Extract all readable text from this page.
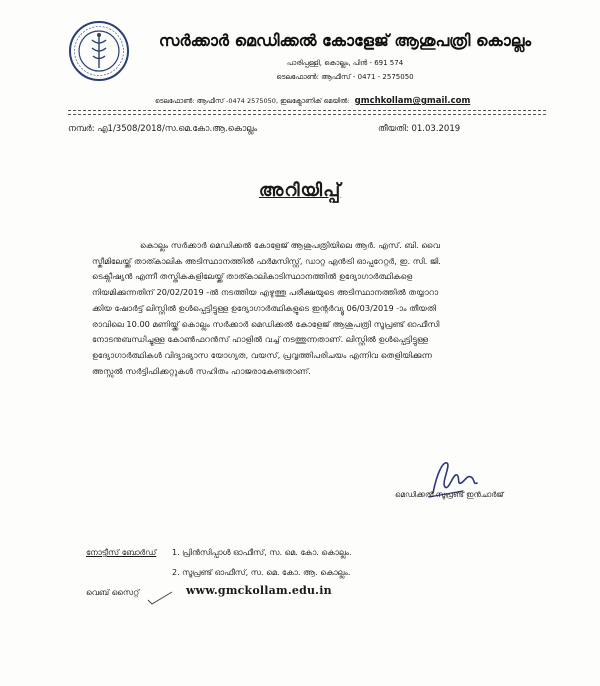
സർക്കാർ മെഡിക്കൽ കോളേജ് ആശുപത്രി കൊല്ലം
പാരിപ്പള്ളി, കൊല്ലം, പിൻ - 691 574
ടെലഫോൺ: ആഫീസ് - 0471 - 2575050
ടെലഫോൺ: ആഫീസ് -0474 2575050, ഇലക്ട്രോണിക് മെയിൽ: gmchkollam@gmail.com
നമ്പർ: എ1/3508/2018/സ.മെ.കോ.ആ.കൊല്ലം	തീയതി: 01.03.2019
അറിയിപ്പ്
കൊല്ലം സർക്കാർ മെഡിക്കൽ കോളേജ് ആശുപത്രിയിലെ ആർ. എസ്. ബി. വൈ
സ്കീമിലേയ്ക്ക് താത്കാലിക അടിസ്ഥാനത്തിൽ ഫർമസിസ്റ്റ്, ഡാറ്റ എൻട്രി ഓപ്പറേറ്റർ, ഇ. സി. ജി.
ടെക്നീഷ്യൻ എന്നീ തസ്തികകളിലേയ്ക്ക് താത്കാലികാടിസ്ഥാനത്തിൽ ഉദ്യോഗാർത്ഥികളെ
നിയമിക്കുന്നതിന് 20/02/2019 -ൽ നടത്തിയ എഴുത്തു പരീക്ഷയുടെ അടിസ്ഥാനത്തിൽ തയ്യാറാ
ക്കിയ ഷോർട്ട് ലിസ്റ്റിൽ ഉൾപ്പെട്ടിട്ടുള്ള ഉദ്യോഗാർത്ഥികളുടെ ഇന്റർവ്യൂ 06/03/2019 -ാം തീയതി
രാവിലെ 10.00 മണിയ്ക്ക് കൊല്ലം സർക്കാർ മെഡിക്കൽ കോളേജ് ആശുപത്രി സൂപ്രണ്ട് ഓഫീസി
നോടനുബന്ധിച്ചുള്ള കോൺഫറൻസ് ഹാളിൽ വച്ച് നടത്തുന്നതാണ്. ലിസ്റ്റിൽ ഉൾപ്പെട്ടിട്ടുള്ള
ഉദ്യോഗാർത്ഥികൾ വിദ്യാഭ്യാസ യോഗ്യത, വയസ്, പ്രവൃത്തിപരിചയം എന്നിവ തെളിയിക്കുന്ന
അസ്സൽ സർട്ടിഫിക്കറ്റുകൾ സഹിതം ഹാജരാകേണ്ടതാണ്.
മെഡിക്കൽ സൂപ്രണ്ട് ഇൻചാർജ്
നോട്ടീസ് ബോർഡ് 1. പ്രിൻസിപ്പാൾ ഓഫീസ്, സ. മെ. കോ. കൊല്ലം.
2. സൂപ്രണ്ട് ഓഫീസ്, സ. മെ. കോ. ആ. കൊല്ലം.
വെബ് സൈറ്റ്	www.gmckollam.edu.in
